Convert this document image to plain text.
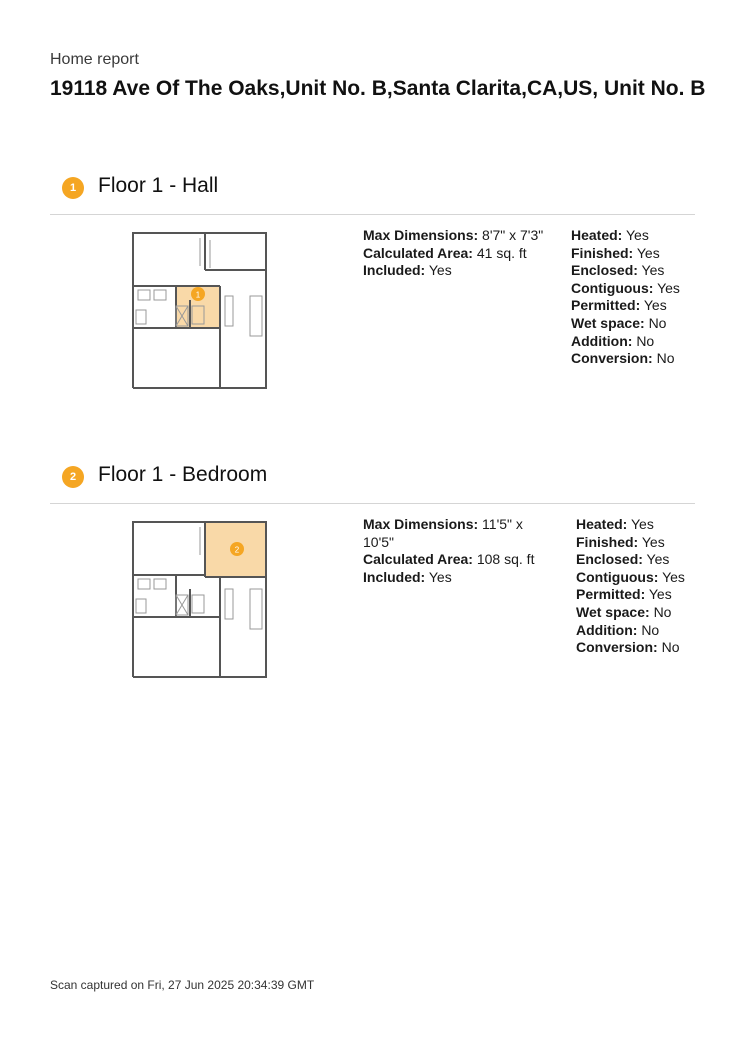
Home report
19118 Ave Of The Oaks,Unit No. B,Santa Clarita,CA,US, Unit No. B
1	Floor 1 - Hall
1
Max Dimensions: 8'7" x 7'3"
Calculated Area: 41 sq. ft
Included: Yes
Heated: Yes
Finished: Yes
Enclosed: Yes
Contiguous: Yes
Permitted: Yes
Wet space: No
Addition: No
Conversion: No
2	Floor 1 - Bedroom
2
Max Dimensions: 11'5" x 10'5"
Calculated Area: 108 sq. ft
Included: Yes
Heated: Yes
Finished: Yes
Enclosed: Yes
Contiguous: Yes
Permitted: Yes
Wet space: No
Addition: No
Conversion: No
Scan captured on Fri, 27 Jun 2025 20:34:39 GMT
